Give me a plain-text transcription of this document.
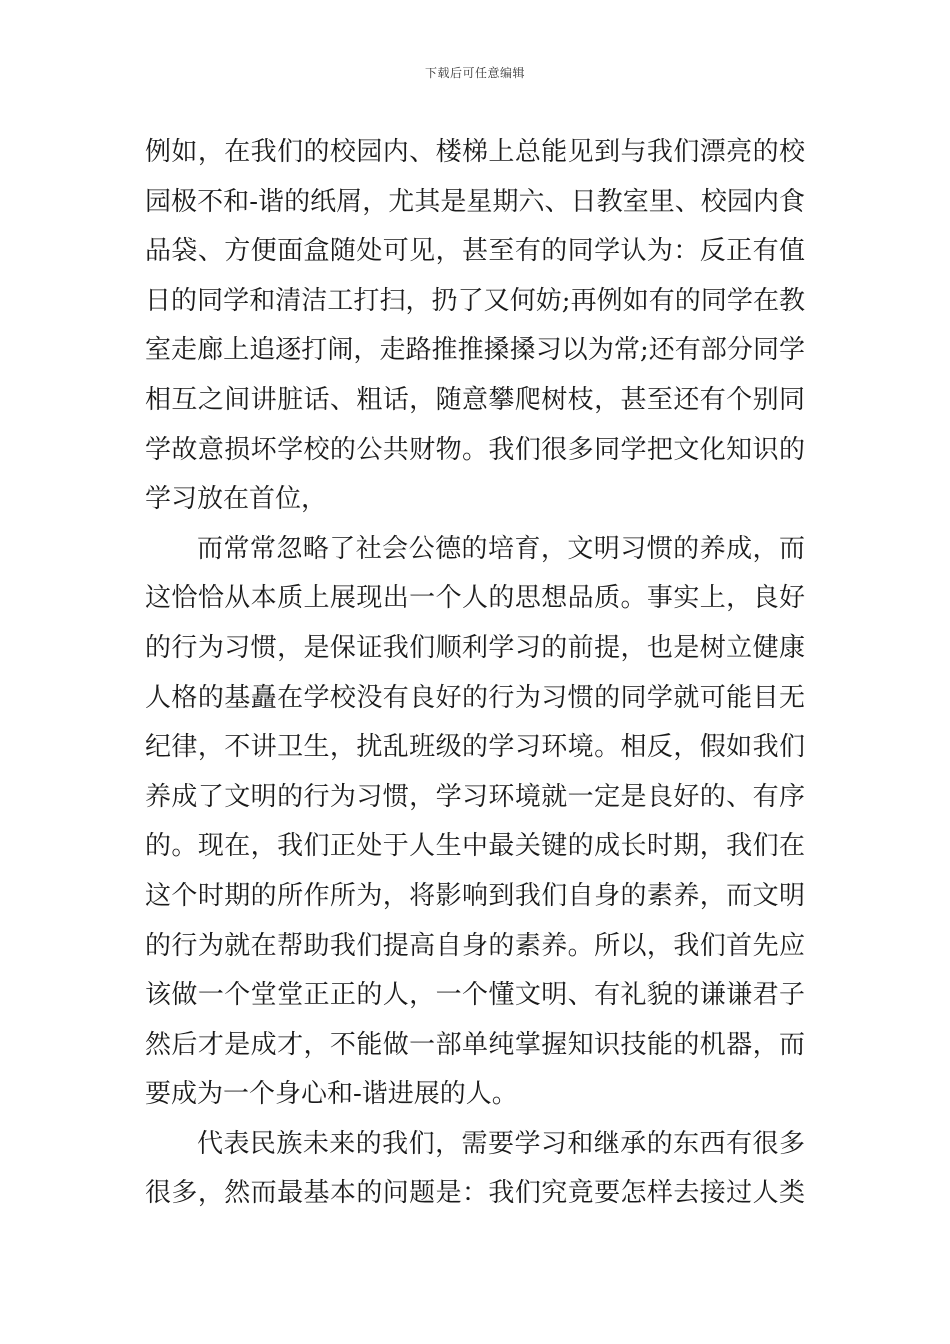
下载后可任意编辑
例如，在我们的校园内、楼梯上总能见到与我们漂亮的校
园极不和-谐的纸屑，尤其是星期六、日教室里、校园内食
品袋、方便面盒随处可见，甚至有的同学认为：反正有值
日的同学和清洁工打扫，扔了又何妨;再例如有的同学在教
室走廊上追逐打闹，走路推推搡搡习以为常;还有部分同学
相互之间讲脏话、粗话，随意攀爬树枝，甚至还有个别同
学故意损坏学校的公共财物。我们很多同学把文化知识的
学习放在首位，
而常常忽略了社会公德的培育，文明习惯的养成，而
这恰恰从本质上展现出一个人的思想品质。事实上，良好
的行为习惯，是保证我们顺利学习的前提，也是树立健康
人格的基矗在学校没有良好的行为习惯的同学就可能目无
纪律，不讲卫生，扰乱班级的学习环境。相反，假如我们
养成了文明的行为习惯，学习环境就一定是良好的、有序
的。现在，我们正处于人生中最关键的成长时期，我们在
这个时期的所作所为，将影响到我们自身的素养，而文明
的行为就在帮助我们提高自身的素养。所以，我们首先应
该做一个堂堂正正的人，一个懂文明、有礼貌的谦谦君子
然后才是成才，不能做一部单纯掌握知识技能的机器，而
要成为一个身心和-谐进展的人。
代表民族未来的我们，需要学习和继承的东西有很多
很多，然而最基本的问题是：我们究竟要怎样去接过人类
